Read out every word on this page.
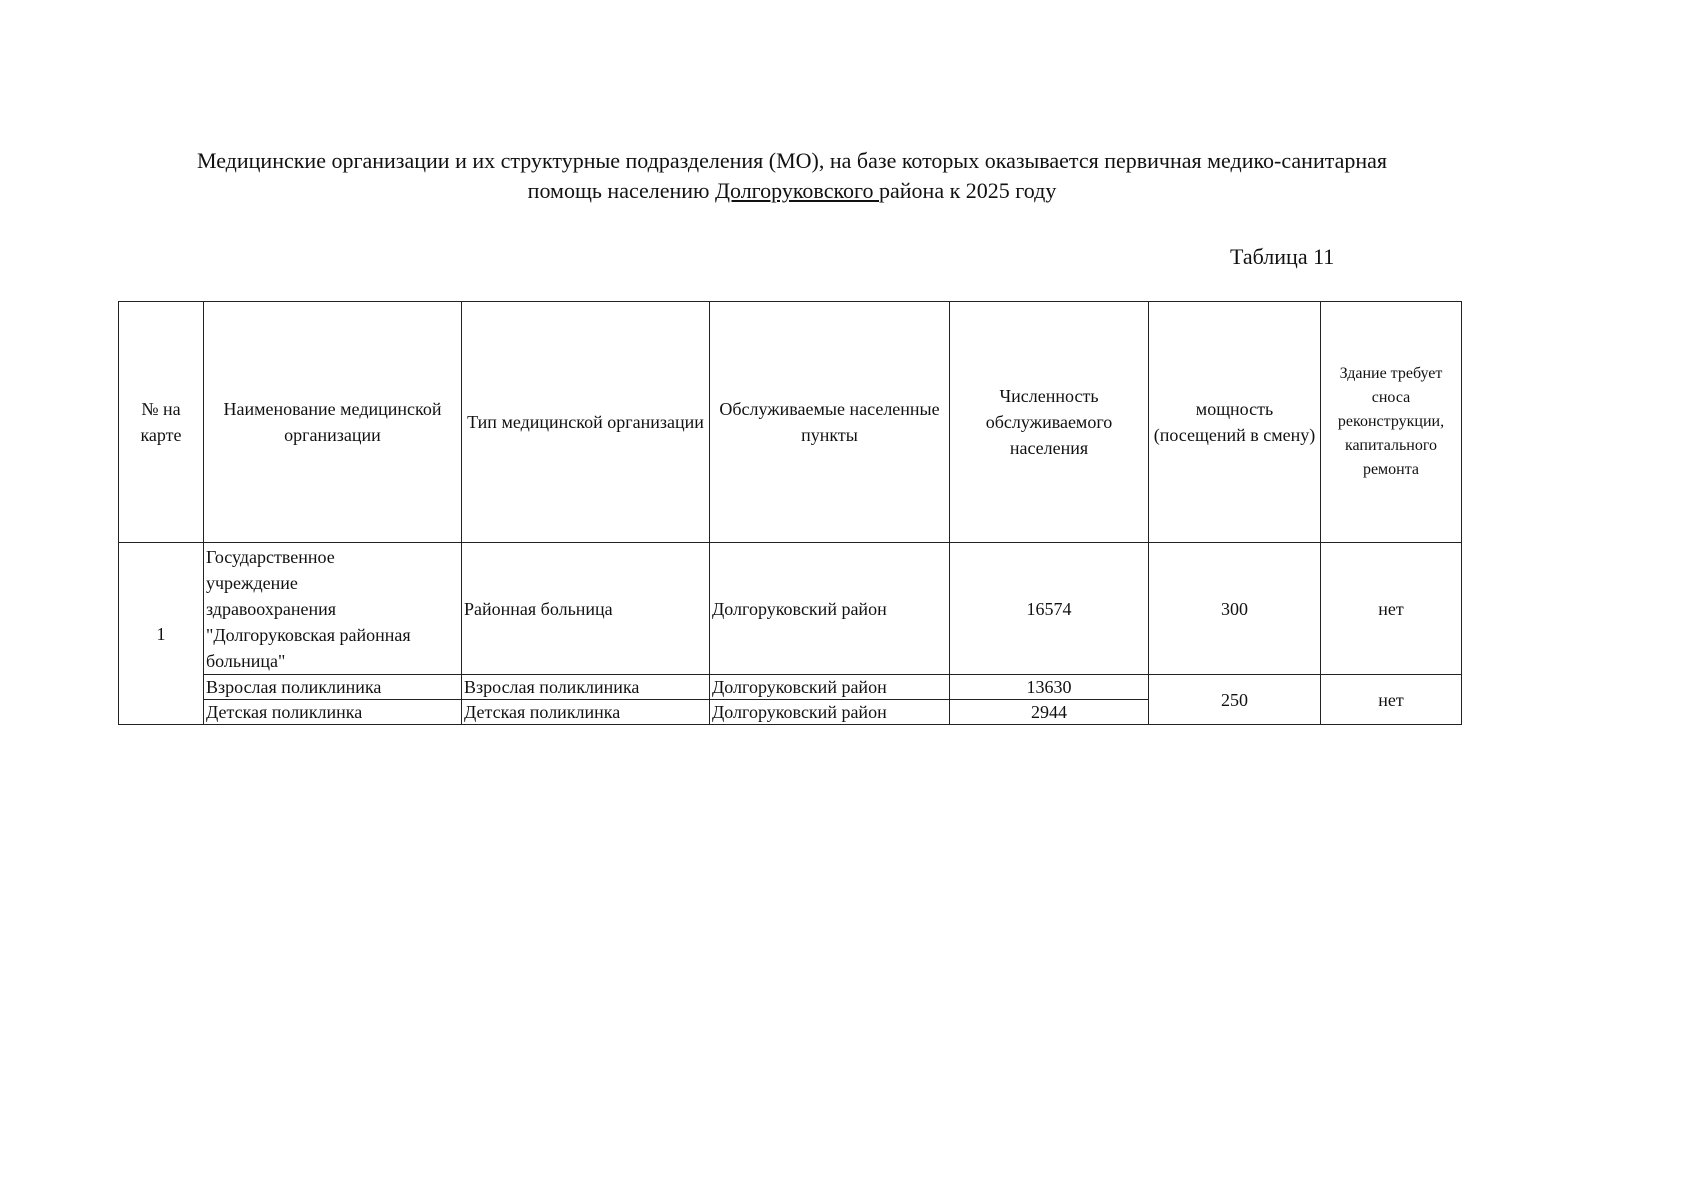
Медицинские организации и их структурные подразделения (МО), на базе которых оказывается первичная медико-санитарная
помощь населению Долгоруковского района к 2025 году
Таблица 11
№ на карте	Наименование медицинской организации	Тип медицинской организации	Обслуживаемые населенные пункты	Численность обслуживаемого населения	мощность (посещений в смену)	Здание требует сноса реконструкции, капитального ремонта
1	Государственное
учреждение
здравоохранения
"Долгоруковская районная
больница"	Районная больница	Долгоруковский район	16574	300	нет
	Взрослая поликлиника	Взрослая поликлиника	Долгоруковский район	13630	250	нет
	Детская поликлинка	Детская поликлинка	Долгоруковский район	2944		
